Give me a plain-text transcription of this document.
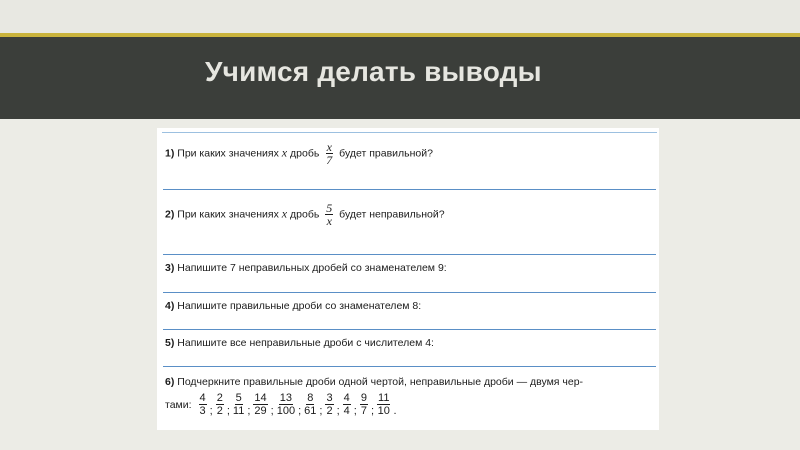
Учимся делать выводы
1) При каких значениях x дробь $\frac{x}{7}$ будет правильной?
2) При каких значениях x дробь $\frac{5}{x}$ будет неправильной?
3) Напишите 7 неправильных дробей со знаменателем 9:
4) Напишите правильные дроби со знаменателем 8:
5) Напишите все неправильные дроби с числителем 4:
6) Подчеркните правильные дроби одной чертой, неправильные дроби — двумя чер-
тами: $\frac{4}{3}$ ; $\frac{2}{2}$ ; $\frac{5}{11}$ ; $\frac{14}{29}$ ; $\frac{13}{100}$ ; $\frac{8}{61}$ ; $\frac{3}{2}$ ; $\frac{4}{4}$ ; $\frac{9}{7}$ ; $\frac{11}{10}$ .
